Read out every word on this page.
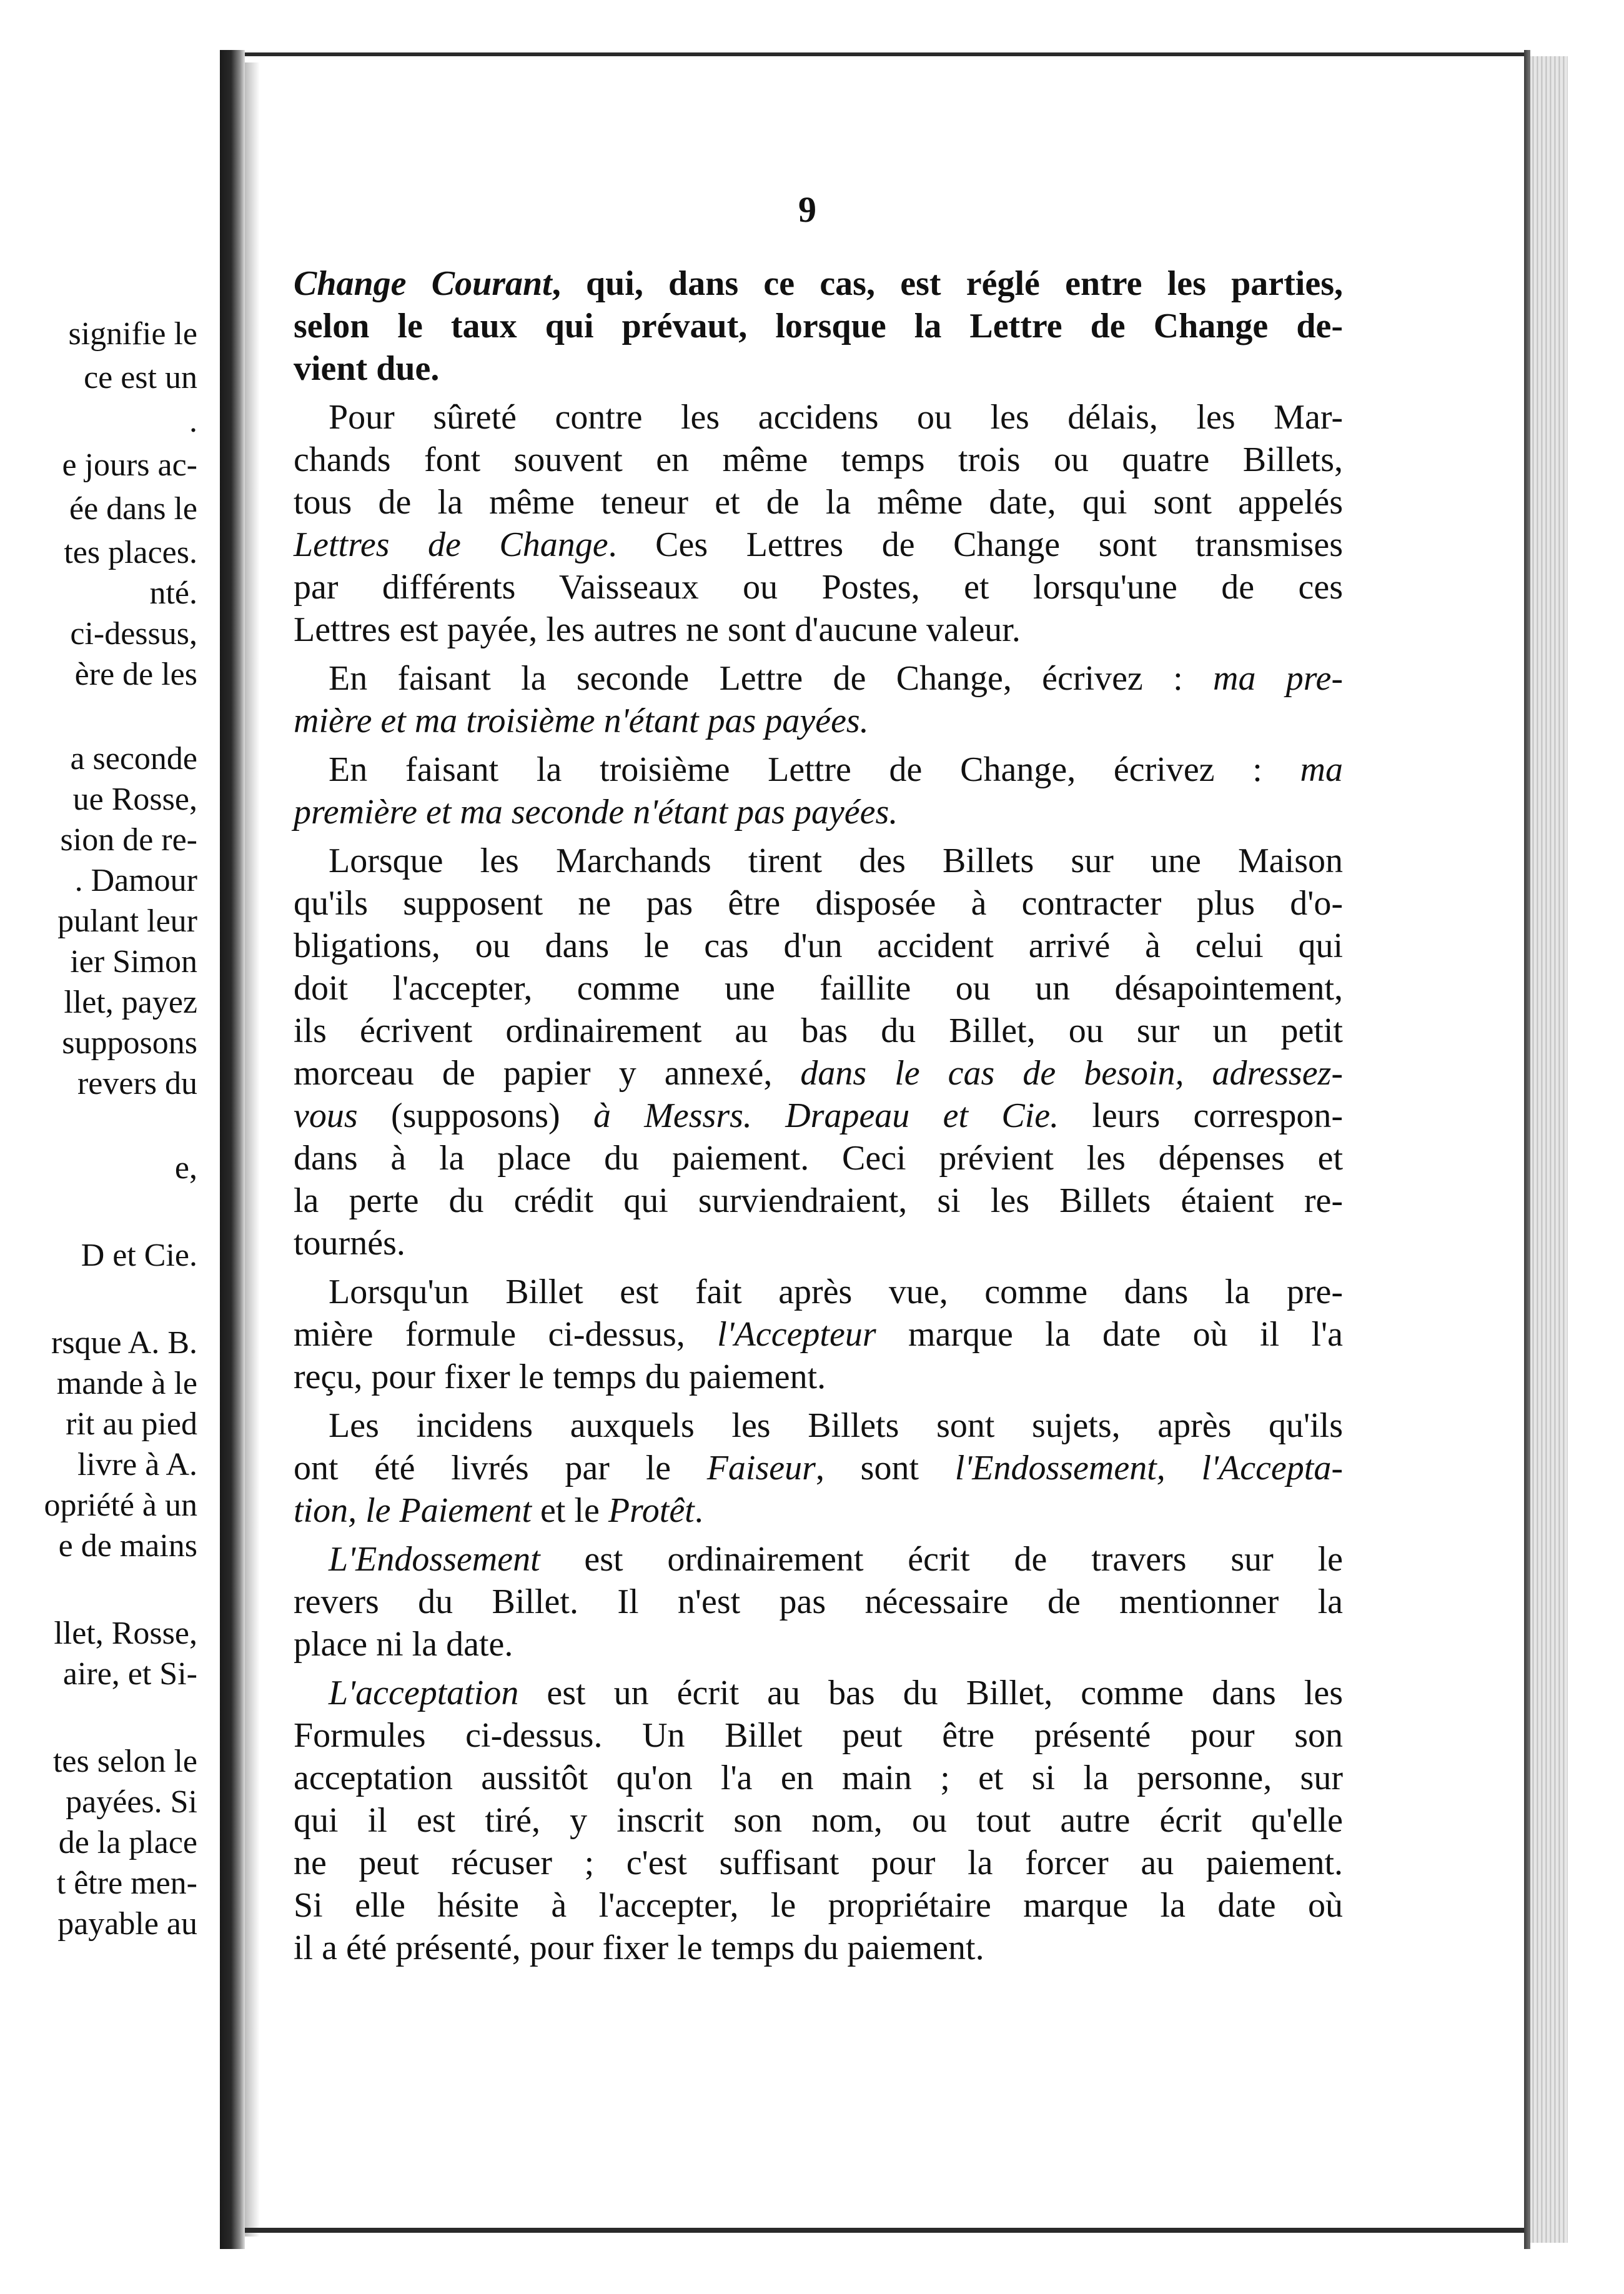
signifie le
ce est un
.
e jours ac-
ée dans le
tes places.
nté.
ci-dessus,
ère de les
a seconde
ue Rosse,
sion de re-
. Damour
pulant leur
ier Simon
llet, payez
supposons
revers du
e,
D et Cie.
rsque A. B.
mande à le
rit au pied
livre à A.
opriété à un
e de mains
llet, Rosse,
aire, et Si-
tes selon le
payées. Si
de la place
t être men-
payable au
9
Change Courant, qui, dans ce cas, est réglé entre les parties,
selon le taux qui prévaut, lorsque la Lettre de Change de-
vient due.
 Pour sûreté contre les accidens ou les délais, les Mar-
chands font souvent en même temps trois ou quatre Billets,
tous de la même teneur et de la même date, qui sont appelés
Lettres de Change. Ces Lettres de Change sont transmises
par différents Vaisseaux ou Postes, et lorsqu'une de ces
Lettres est payée, les autres ne sont d'aucune valeur.
 En faisant la seconde Lettre de Change, écrivez : ma pre-
mière et ma troisième n'étant pas payées.
 En faisant la troisième Lettre de Change, écrivez : ma
première et ma seconde n'étant pas payées.
 Lorsque les Marchands tirent des Billets sur une Maison
qu'ils supposent ne pas être disposée à contracter plus d'o-
bligations, ou dans le cas d'un accident arrivé à celui qui
doit l'accepter, comme une faillite ou un désapointement,
ils écrivent ordinairement au bas du Billet, ou sur un petit
morceau de papier y annexé, dans le cas de besoin, adressez-
vous (supposons) à Messrs. Drapeau et Cie. leurs correspon-
dans à la place du paiement. Ceci prévient les dépenses et
la perte du crédit qui surviendraient, si les Billets étaient re-
tournés.
 Lorsqu'un Billet est fait après vue, comme dans la pre-
mière formule ci-dessus, l'Accepteur marque la date où il l'a
reçu, pour fixer le temps du paiement.
 Les incidens auxquels les Billets sont sujets, après qu'ils
ont été livrés par le Faiseur, sont l'Endossement, l'Accepta-
tion, le Paiement et le Protêt.
 L'Endossement est ordinairement écrit de travers sur le
revers du Billet. Il n'est pas nécessaire de mentionner la
place ni la date.
 L'acceptation est un écrit au bas du Billet, comme dans les
Formules ci-dessus. Un Billet peut être présenté pour son
acceptation aussitôt qu'on l'a en main ; et si la personne, sur
qui il est tiré, y inscrit son nom, ou tout autre écrit qu'elle
ne peut récuser ; c'est suffisant pour la forcer au paiement.
Si elle hésite à l'accepter, le propriétaire marque la date où
il a été présenté, pour fixer le temps du paiement.
